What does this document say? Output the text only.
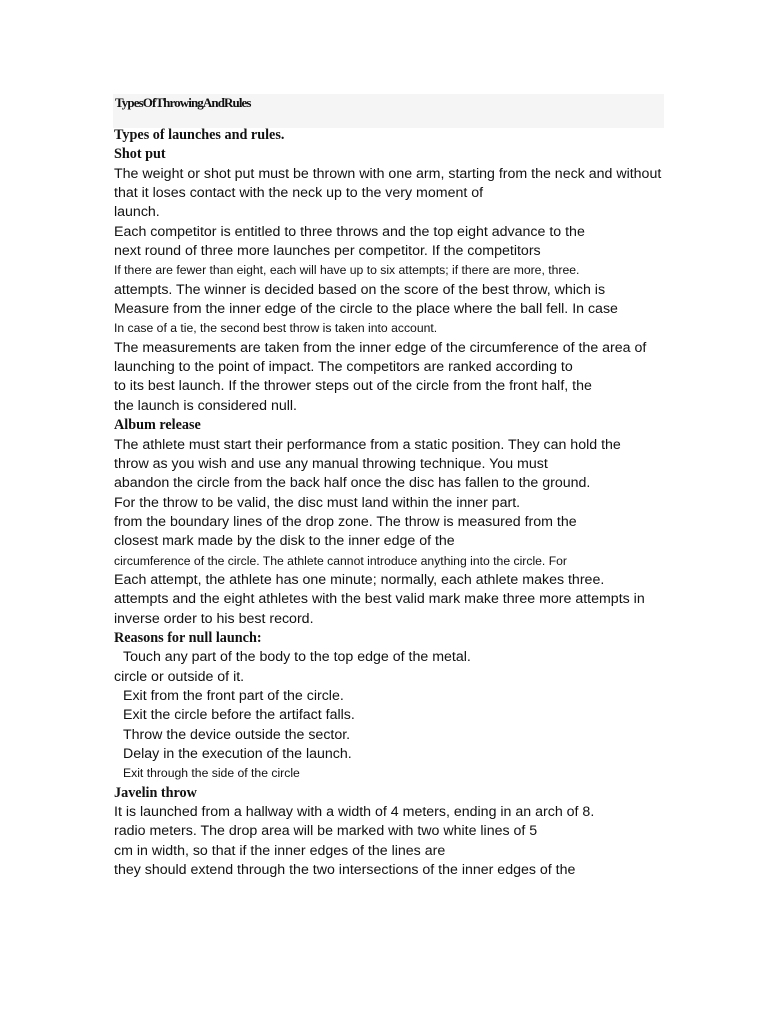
TypesOfThrowingAndRules
Types of launches and rules.
Shot put
The weight or shot put must be thrown with one arm, starting from the neck and without
that it loses contact with the neck up to the very moment of
launch.
Each competitor is entitled to three throws and the top eight advance to the
next round of three more launches per competitor. If the competitors
If there are fewer than eight, each will have up to six attempts; if there are more, three.
attempts. The winner is decided based on the score of the best throw, which is
Measure from the inner edge of the circle to the place where the ball fell. In case
In case of a tie, the second best throw is taken into account.
The measurements are taken from the inner edge of the circumference of the area of
launching to the point of impact. The competitors are ranked according to
to its best launch. If the thrower steps out of the circle from the front half, the
the launch is considered null.
Album release
The athlete must start their performance from a static position. They can hold the
throw as you wish and use any manual throwing technique. You must
abandon the circle from the back half once the disc has fallen to the ground.
For the throw to be valid, the disc must land within the inner part.
from the boundary lines of the drop zone. The throw is measured from the
closest mark made by the disk to the inner edge of the
circumference of the circle. The athlete cannot introduce anything into the circle. For
Each attempt, the athlete has one minute; normally, each athlete makes three.
attempts and the eight athletes with the best valid mark make three more attempts in
inverse order to his best record.
Reasons for null launch:
Touch any part of the body to the top edge of the metal.
circle or outside of it.
Exit from the front part of the circle.
Exit the circle before the artifact falls.
Throw the device outside the sector.
Delay in the execution of the launch.
Exit through the side of the circle
Javelin throw
It is launched from a hallway with a width of 4 meters, ending in an arch of 8.
radio meters. The drop area will be marked with two white lines of 5
cm in width, so that if the inner edges of the lines are
they should extend through the two intersections of the inner edges of the
